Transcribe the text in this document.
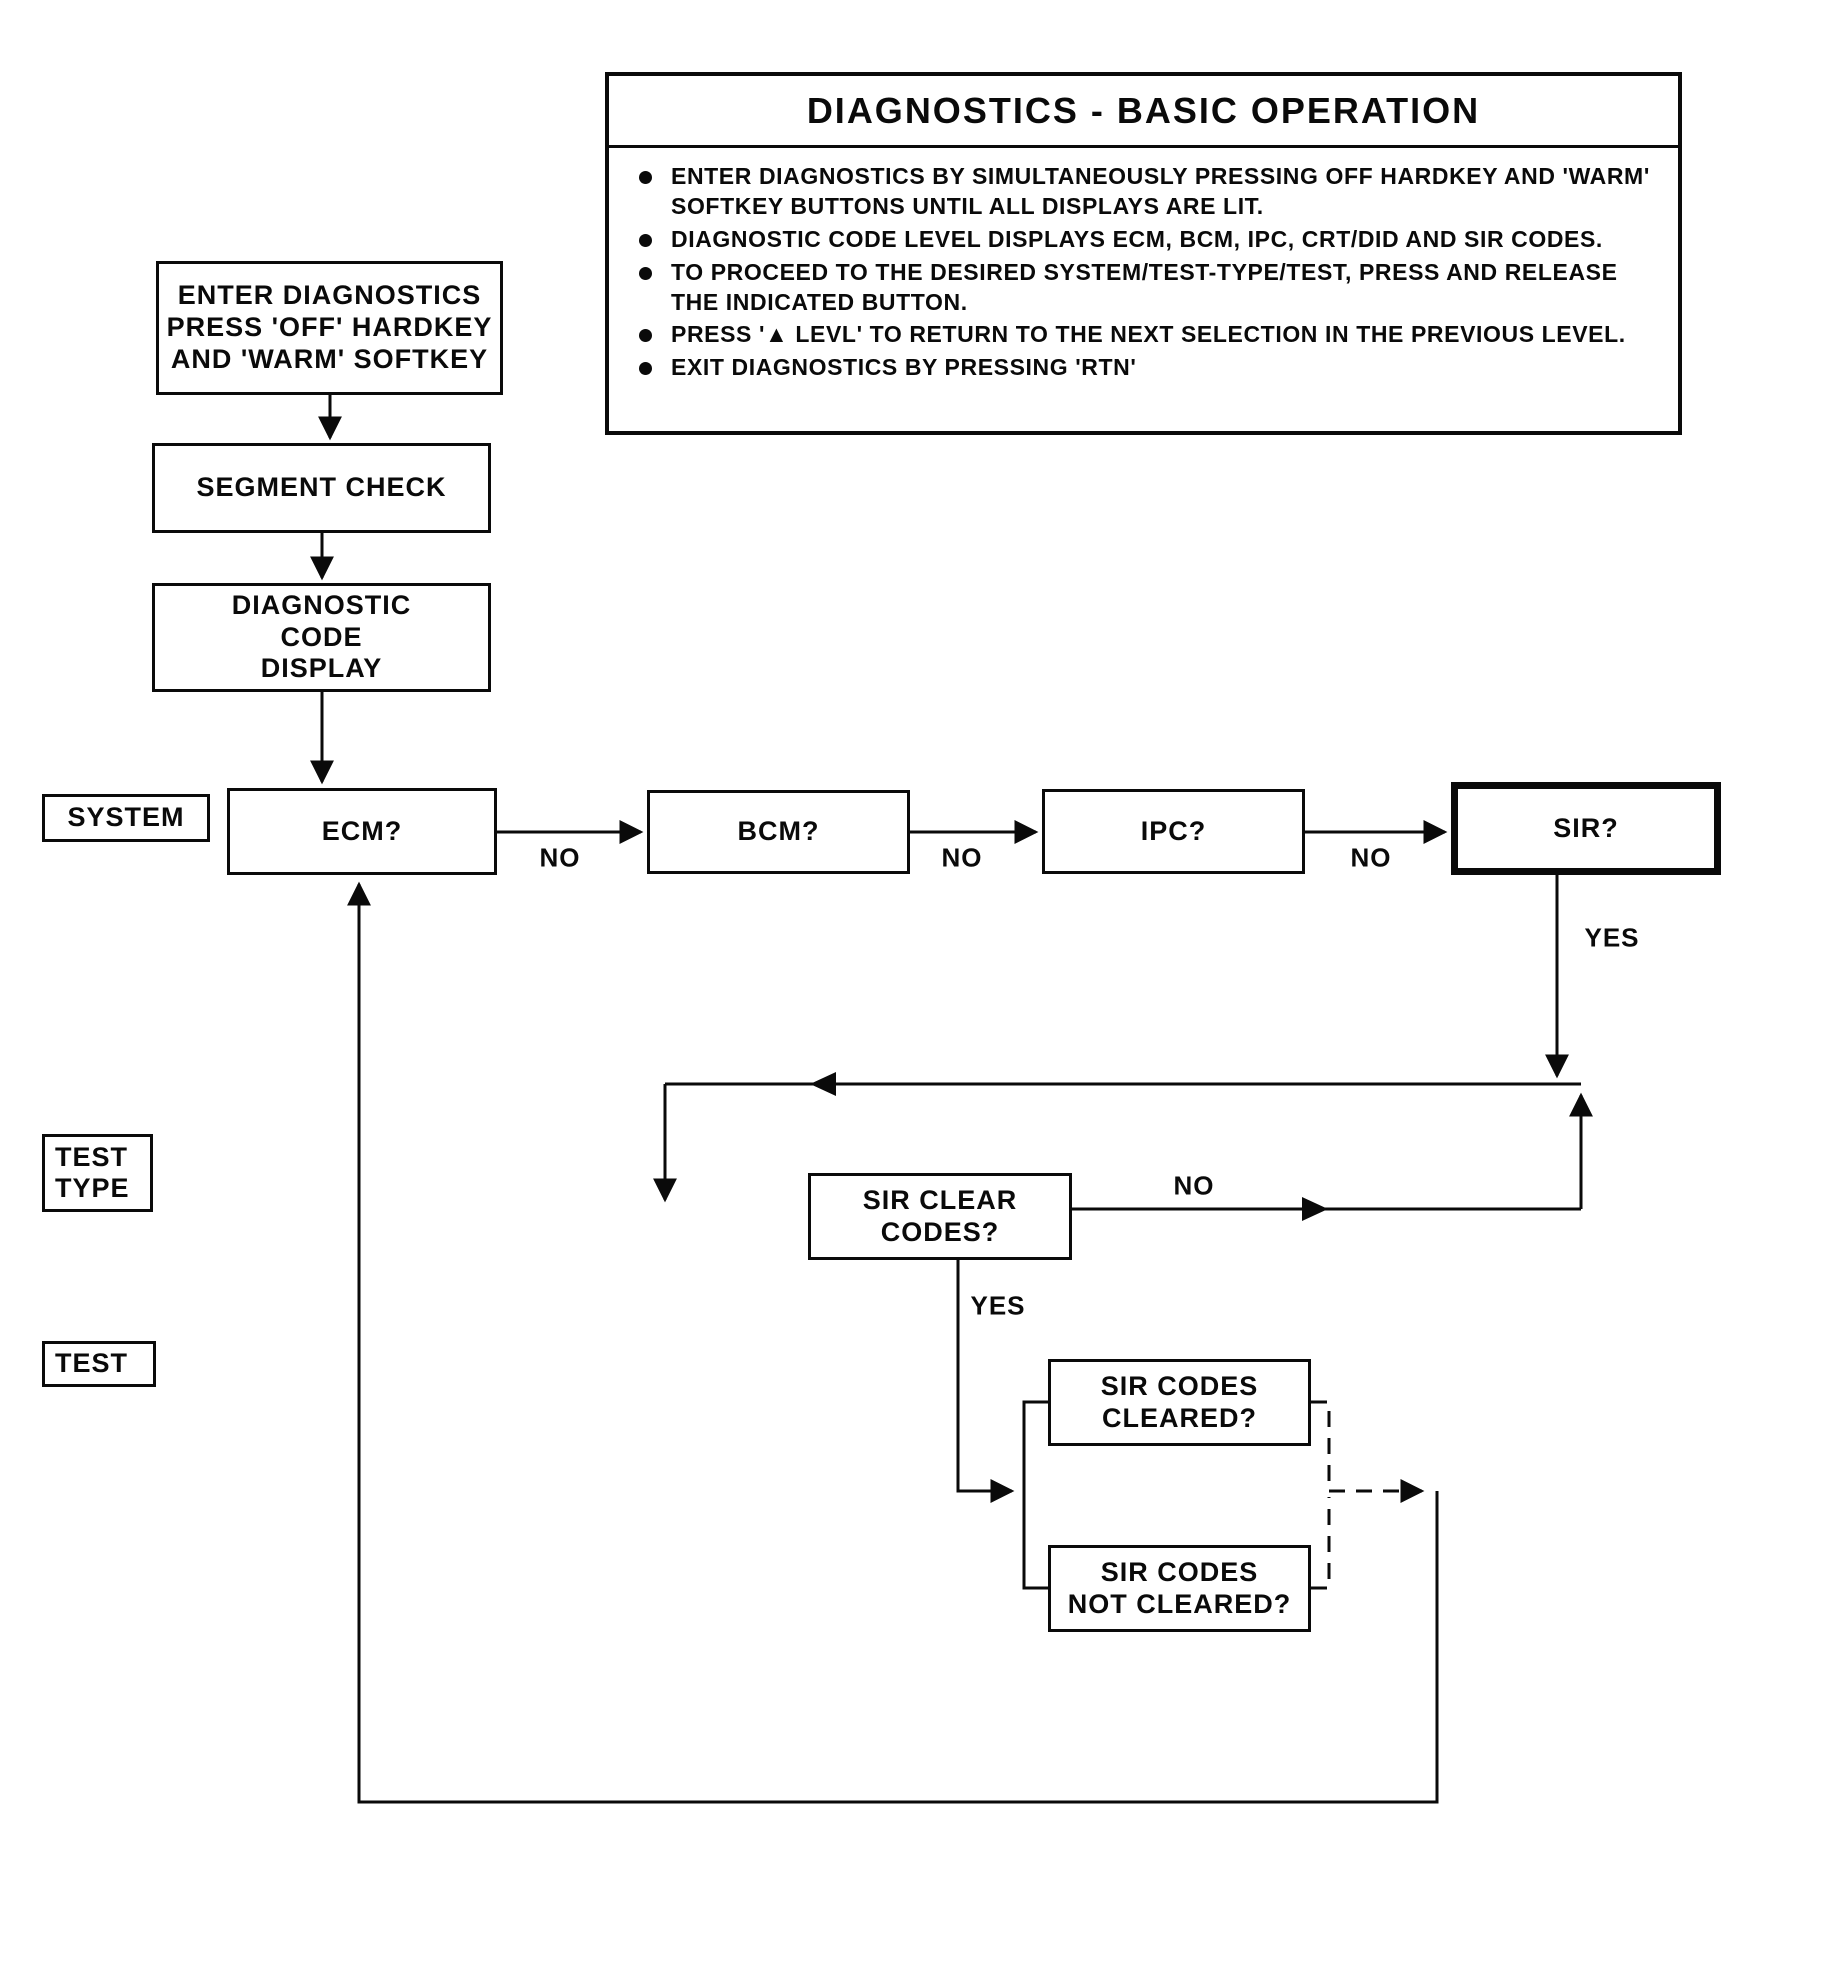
DIAGNOSTICS - BASIC OPERATION
ENTER DIAGNOSTICS BY SIMULTANEOUSLY PRESSING OFF HARDKEY AND 'WARM' SOFTKEY BUTTONS UNTIL ALL DISPLAYS ARE LIT.
DIAGNOSTIC CODE LEVEL DISPLAYS ECM, BCM, IPC, CRT/DID AND SIR CODES.
TO PROCEED TO THE DESIRED SYSTEM/TEST-TYPE/TEST, PRESS AND RELEASE THE INDICATED BUTTON.
PRESS '▲ LEVL' TO RETURN TO THE NEXT SELECTION IN THE PREVIOUS LEVEL.
EXIT DIAGNOSTICS BY PRESSING 'RTN'
ENTER DIAGNOSTICS
PRESS 'OFF' HARDKEY
AND 'WARM' SOFTKEY
SEGMENT CHECK
DIAGNOSTIC
CODE
DISPLAY
SYSTEM
TEST
TYPE
TEST
ECM?	BCM?	IPC?	SIR?
SIR CLEAR
CODES?
SIR CODES
CLEARED?
SIR CODES
NOT CLEARED?
NO	NO	NO
YES
NO
YES
